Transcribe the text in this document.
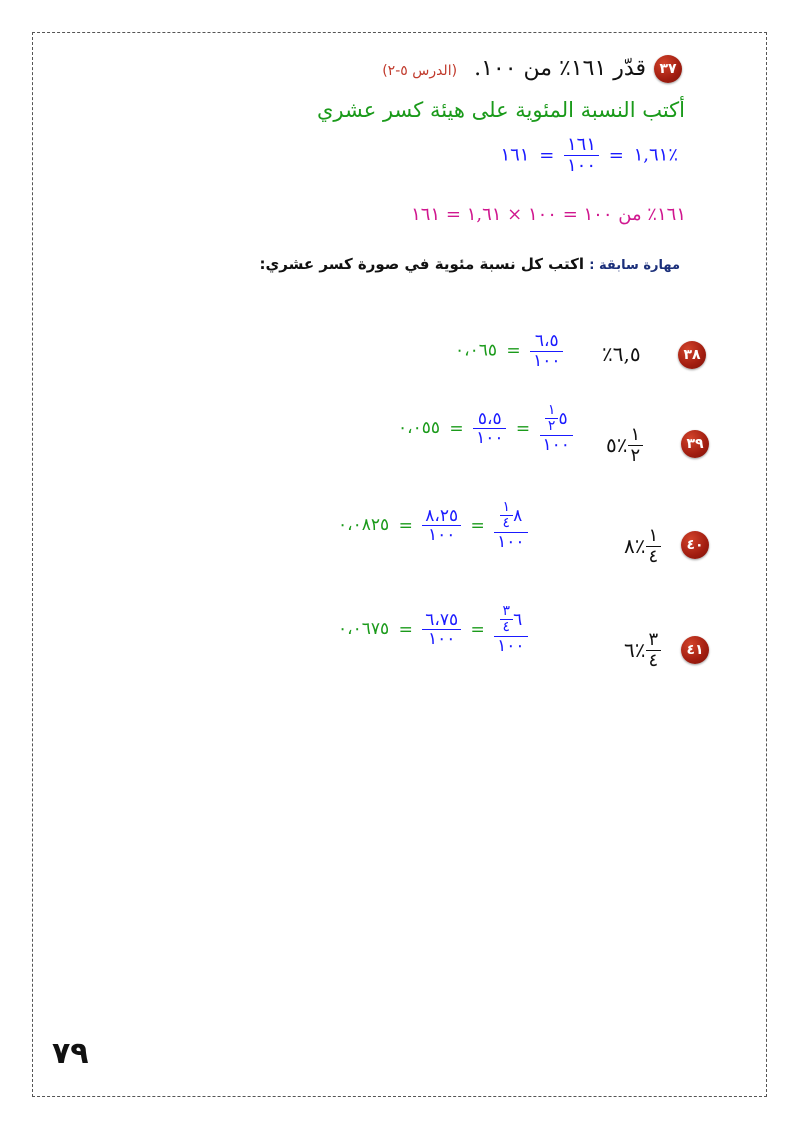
٣٧
قدّر ١٦١٪ من ١٠٠. (الدرس ٥-٢)
أكتب النسبة المئوية على هيئة كسر عشري
١,٦١ =
$\frac{١٦١}{١٠٠}$
= ١٦١٪
١٦١٪ من ١٠٠ = ١٠٠ × ١,٦١ = ١٦١
مهارة سابقة : اكتب كل نسبة مئوية في صورة كسر عشري:
٣٨
٪٦,٥
٠،٠٦٥ = $\frac{٦،٥}{١٠٠}$
٣٩
$\frac{١}{٢}$
٪٥
٠،٠٥٥ = $\frac{٥،٥}{١٠٠}$ = ٥
$\frac{١}{٢}$
١٠٠
٤٠
$\frac{١}{٤}$
٪٨
٠،٠٨٢٥ = $\frac{٨،٢٥}{١٠٠}$ = ٨
$\frac{١}{٤}$
١٠٠
٤١
$\frac{٣}{٤}$
٪٦
٠،٠٦٧٥ = $\frac{٦،٧٥}{١٠٠}$ = ٦
$\frac{٣}{٤}$
١٠٠
٧٩
